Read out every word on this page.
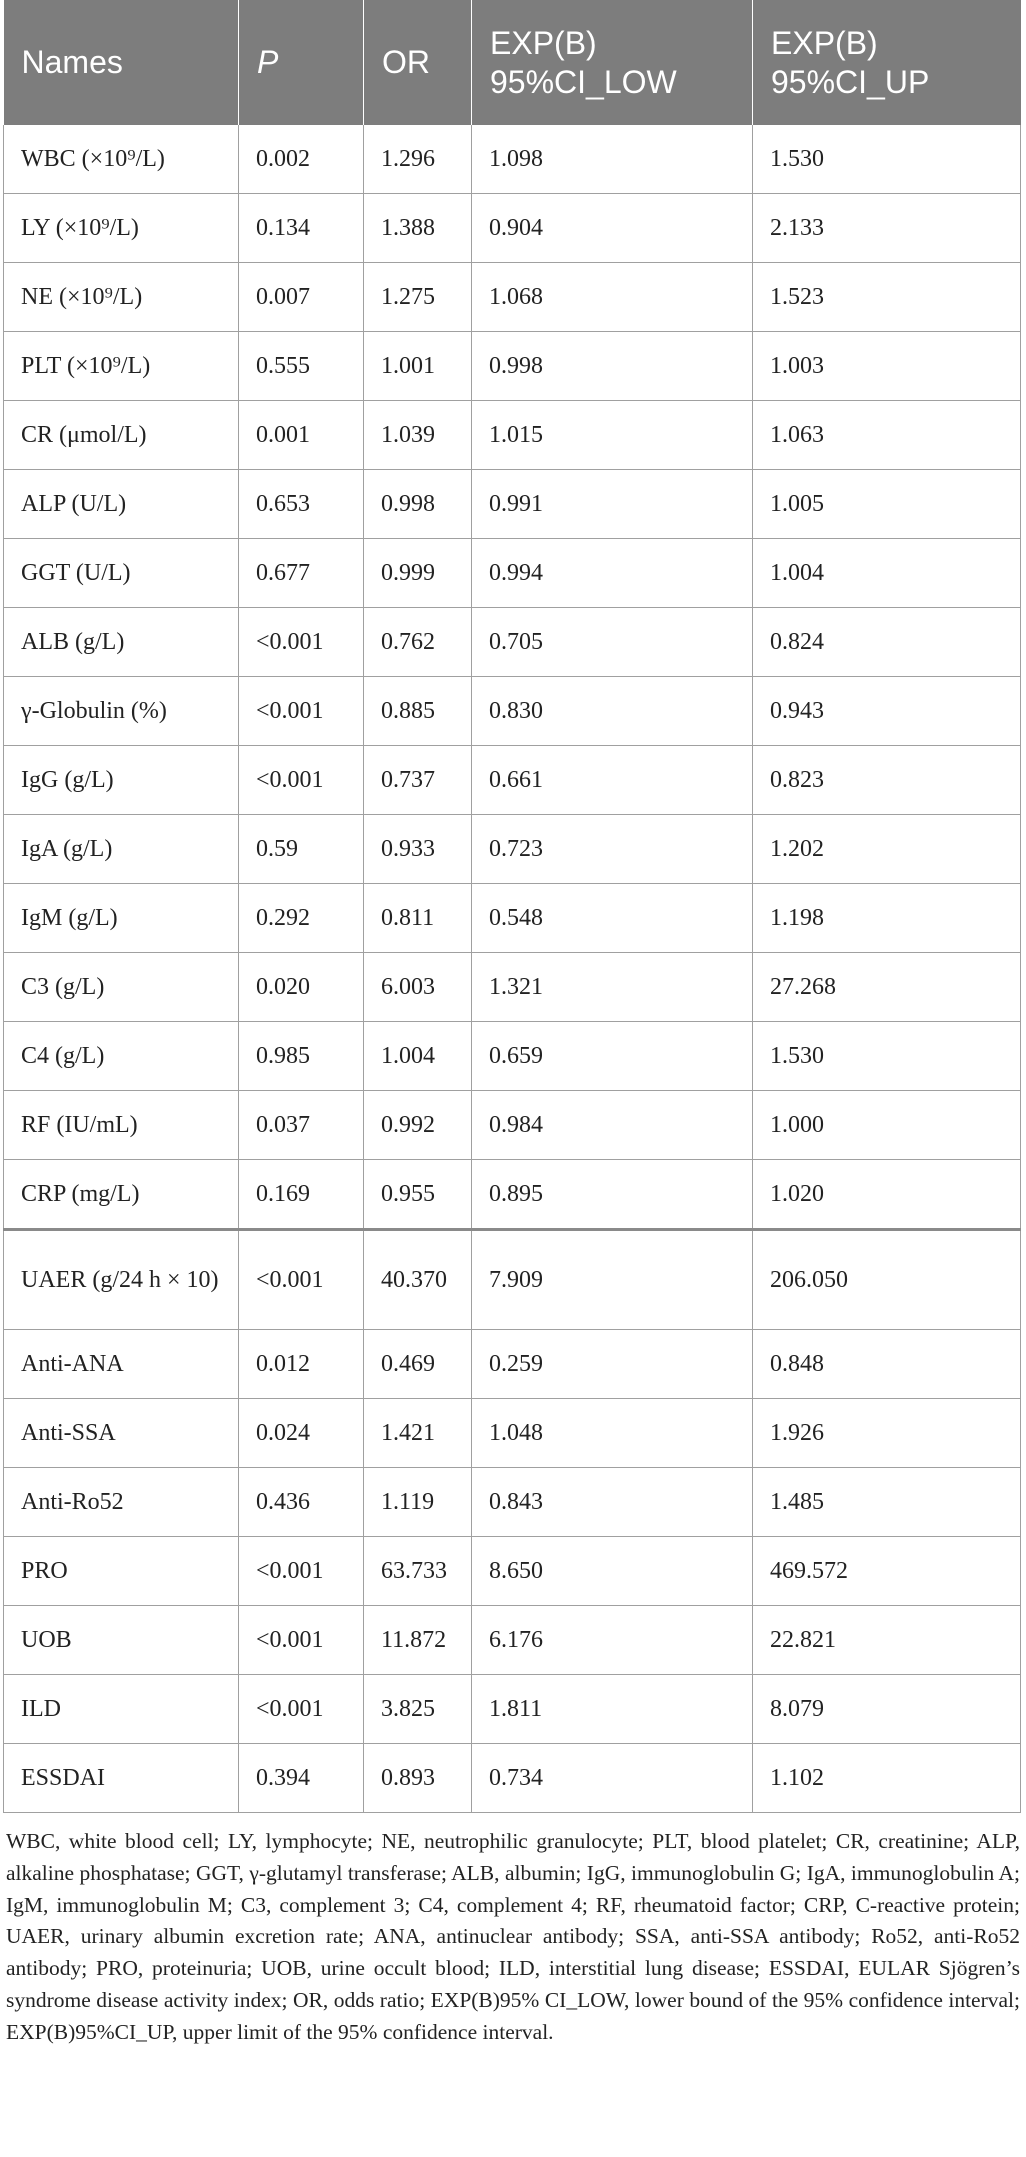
Names	P	OR	EXP(B) 95%CI_LOW	EXP(B) 95%CI_UP
WBC (×10⁹/L)	0.002	1.296	1.098	1.530
LY (×10⁹/L)	0.134	1.388	0.904	2.133
NE (×10⁹/L)	0.007	1.275	1.068	1.523
PLT (×10⁹/L)	0.555	1.001	0.998	1.003
CR (μmol/L)	0.001	1.039	1.015	1.063
ALP (U/L)	0.653	0.998	0.991	1.005
GGT (U/L)	0.677	0.999	0.994	1.004
ALB (g/L)	<0.001	0.762	0.705	0.824
γ-Globulin (%)	<0.001	0.885	0.830	0.943
IgG (g/L)	<0.001	0.737	0.661	0.823
IgA (g/L)	0.59	0.933	0.723	1.202
IgM (g/L)	0.292	0.811	0.548	1.198
C3 (g/L)	0.020	6.003	1.321	27.268
C4 (g/L)	0.985	1.004	0.659	1.530
RF (IU/mL)	0.037	0.992	0.984	1.000
CRP (mg/L)	0.169	0.955	0.895	1.020
UAER (g/24 h × 10)	<0.001	40.370	7.909	206.050
Anti-ANA	0.012	0.469	0.259	0.848
Anti-SSA	0.024	1.421	1.048	1.926
Anti-Ro52	0.436	1.119	0.843	1.485
PRO	<0.001	63.733	8.650	469.572
UOB	<0.001	11.872	6.176	22.821
ILD	<0.001	3.825	1.811	8.079
ESSDAI	0.394	0.893	0.734	1.102

WBC, white blood cell; LY, lymphocyte; NE, neutrophilic granulocyte; PLT, blood platelet; CR, creatinine; ALP, alkaline phosphatase; GGT, γ-glutamyl transferase; ALB, albumin; IgG, immunoglobulin G; IgA, immunoglobulin A; IgM, immunoglobulin M; C3, complement 3; C4, complement 4; RF, rheumatoid factor; CRP, C-reactive protein; UAER, urinary albumin excretion rate; ANA, antinuclear antibody; SSA, anti-SSA antibody; Ro52, anti-Ro52 antibody; PRO, proteinuria; UOB, urine occult blood; ILD, interstitial lung disease; ESSDAI, EULAR Sjögren’s syndrome disease activity index; OR, odds ratio; EXP(B)95% CI_LOW, lower bound of the 95% confidence interval; EXP(B)95%CI_UP, upper limit of the 95% confidence interval.
